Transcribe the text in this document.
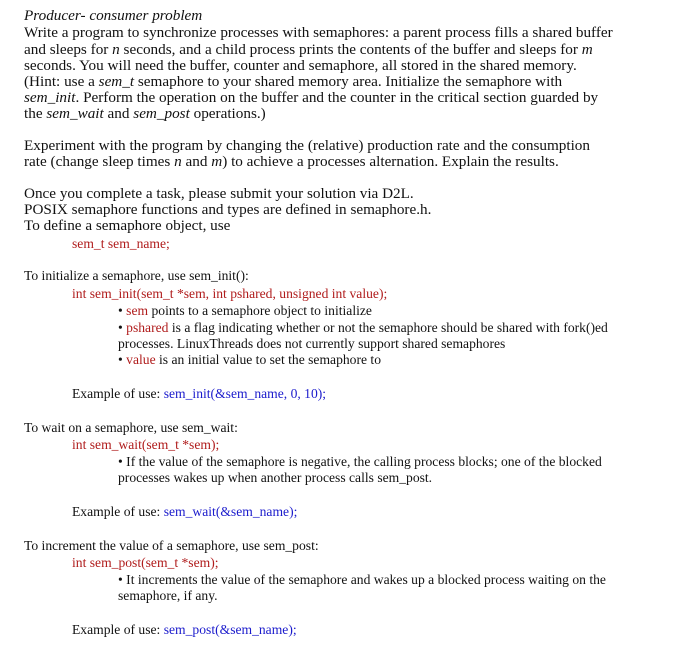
Producer- consumer problem
Write a program to synchronize processes with semaphores: a parent process fills a shared buffer
and sleeps for n seconds, and a child process prints the contents of the buffer and sleeps for m
seconds. You will need the buffer, counter and semaphore, all stored in the shared memory.
(Hint: use a sem_t semaphore to your shared memory area. Initialize the semaphore with
sem_init. Perform the operation on the buffer and the counter in the critical section guarded by
the sem_wait and sem_post operations.)
Experiment with the program by changing the (relative) production rate and the consumption
rate (change sleep times n and m) to achieve a processes alternation. Explain the results.
Once you complete a task, please submit your solution via D2L.
POSIX semaphore functions and types are defined in semaphore.h.
To define a semaphore object, use
sem_t sem_name;
To initialize a semaphore, use sem_init():
int sem_init(sem_t *sem, int pshared, unsigned int value);
• sem points to a semaphore object to initialize
• pshared is a flag indicating whether or not the semaphore should be shared with fork()ed
processes. LinuxThreads does not currently support shared semaphores
• value is an initial value to set the semaphore to
Example of use: sem_init(&sem_name, 0, 10);
To wait on a semaphore, use sem_wait:
int sem_wait(sem_t *sem);
• If the value of the semaphore is negative, the calling process blocks; one of the blocked
processes wakes up when another process calls sem_post.
Example of use: sem_wait(&sem_name);
To increment the value of a semaphore, use sem_post:
int sem_post(sem_t *sem);
• It increments the value of the semaphore and wakes up a blocked process waiting on the
semaphore, if any.
Example of use: sem_post(&sem_name);
